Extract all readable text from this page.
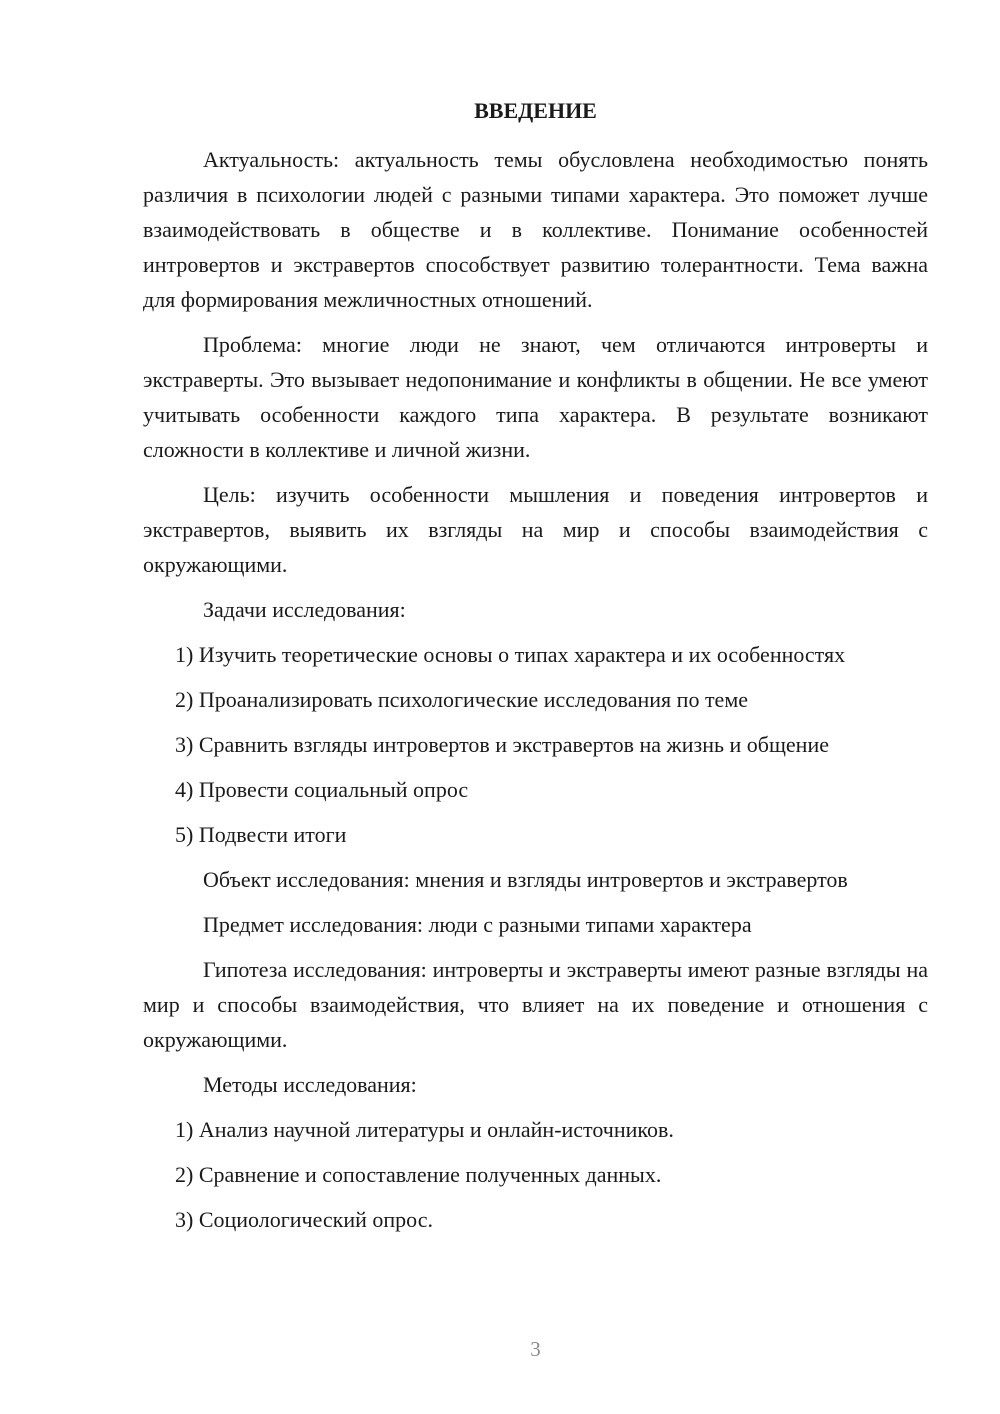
ВВЕДЕНИЕ

Актуальность: актуальность темы обусловлена необходимостью понять различия в психологии людей с разными типами характера. Это поможет лучше взаимодействовать в обществе и в коллективе. Понимание особенностей интровертов и экстравертов способствует развитию толерантности. Тема важна для формирования межличностных отношений.

Проблема: многие люди не знают, чем отличаются интроверты и экстраверты. Это вызывает недопонимание и конфликты в общении. Не все умеют учитывать особенности каждого типа характера. В результате возникают сложности в коллективе и личной жизни.

Цель: изучить особенности мышления и поведения интровертов и экстравертов, выявить их взгляды на мир и способы взаимодействия с окружающими.

Задачи исследования:

1) Изучить теоретические основы о типах характера и их особенностях
2) Проанализировать психологические исследования по теме
3) Сравнить взгляды интровертов и экстравертов на жизнь и общение
4) Провести социальный опрос
5) Подвести итоги

Объект исследования: мнения и взгляды интровертов и экстравертов

Предмет исследования: люди с разными типами характера

Гипотеза исследования: интроверты и экстраверты имеют разные взгляды на мир и способы взаимодействия, что влияет на их поведение и отношения с окружающими.

Методы исследования:

1) Анализ научной литературы и онлайн-источников.
2) Сравнение и сопоставление полученных данных.
3) Социологический опрос.
3
